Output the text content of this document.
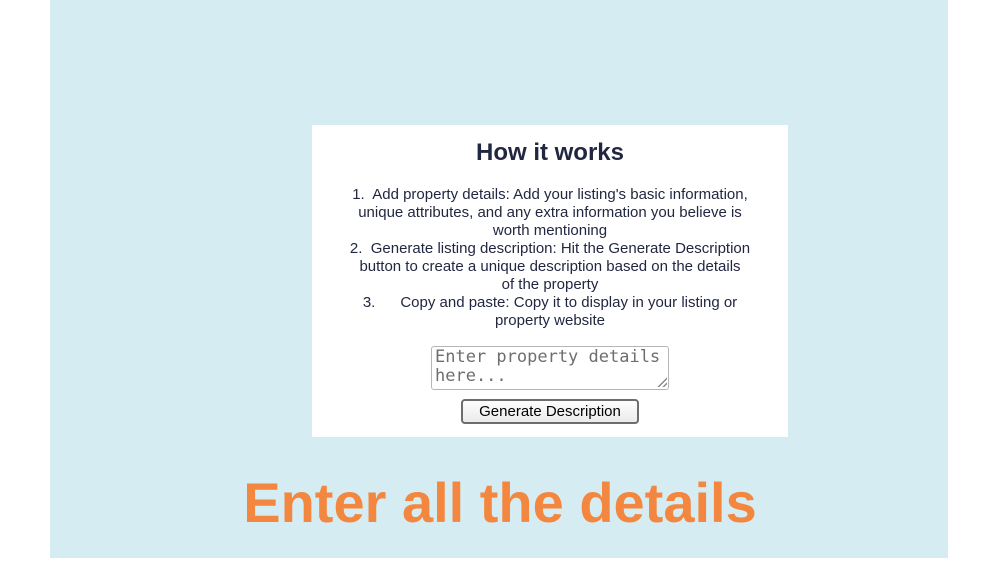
How it works
1.  Add property details: Add your listing's basic information,
unique attributes, and any extra information you believe is
worth mentioning
2.  Generate listing description: Hit the Generate Description
button to create a unique description based on the details
of the property
3.      Copy and paste: Copy it to display in your listing or
property website
Enter property details here...
Generate Description
Enter all the details
